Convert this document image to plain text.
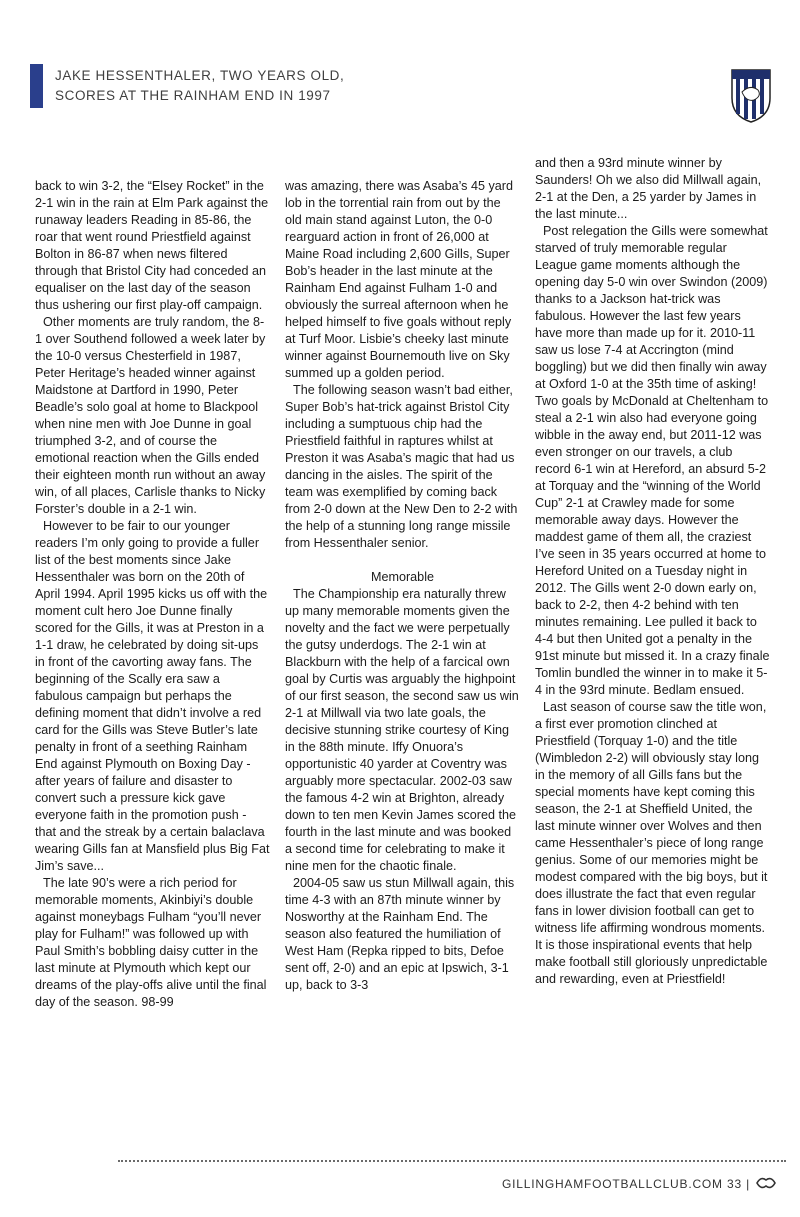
JAKE HESSENTHALER, TWO YEARS OLD,
SCORES AT THE RAINHAM END IN 1997

back to win 3-2, the “Elsey Rocket” in the 2-1 win in the rain at Elm Park against the runaway leaders Reading in 85-86, the roar that went round Priestfield against Bolton in 86-87 when news filtered through that Bristol City had conceded an equaliser on the last day of the season thus ushering our first play-off campaign.

Other moments are truly random, the 8-1 over Southend followed a week later by the 10-0 versus Chesterfield in 1987, Peter Heritage’s headed winner against Maidstone at Dartford in 1990, Peter Beadle’s solo goal at home to Blackpool when nine men with Joe Dunne in goal triumphed 3-2, and of course the emotional reaction when the Gills ended their eighteen month run without an away win, of all places, Carlisle thanks to Nicky Forster’s double in a 2-1 win.

However to be fair to our younger readers I’m only going to provide a fuller list of the best moments since Jake Hessenthaler was born on the 20th of April 1994. April 1995 kicks us off with the moment cult hero Joe Dunne finally scored for the Gills, it was at Preston in a 1-1 draw, he celebrated by doing sit-ups in front of the cavorting away fans. The beginning of the Scally era saw a fabulous campaign but perhaps the defining moment that didn’t involve a red card for the Gills was Steve Butler’s late penalty in front of a seething Rainham End against Plymouth on Boxing Day - after years of failure and disaster to convert such a pressure kick gave everyone faith in the promotion push - that and the streak by a certain balaclava wearing Gills fan at Mansfield plus Big Fat Jim’s save...

The late 90’s were a rich period for memorable moments, Akinbiyi’s double against moneybags Fulham “you’ll never play for Fulham!” was followed up with Paul Smith’s bobbling daisy cutter in the last minute at Plymouth which kept our dreams of the play-offs alive until the final day of the season. 98-99

was amazing, there was Asaba’s 45 yard lob in the torrential rain from out by the old main stand against Luton, the 0-0 rearguard action in front of 26,000 at Maine Road including 2,600 Gills, Super Bob’s header in the last minute at the Rainham End against Fulham 1-0 and obviously the surreal afternoon when he helped himself to five goals without reply at Turf Moor. Lisbie’s cheeky last minute winner against Bournemouth live on Sky summed up a golden period.

The following season wasn’t bad either, Super Bob’s hat-trick against Bristol City including a sumptuous chip had the Priestfield faithful in raptures whilst at Preston it was Asaba’s magic that had us dancing in the aisles. The spirit of the team was exemplified by coming back from 2-0 down at the New Den to 2-2 with the help of a stunning long range missile from Hessenthaler senior.

Memorable

The Championship era naturally threw up many memorable moments given the novelty and the fact we were perpetually the gutsy underdogs. The 2-1 win at Blackburn with the help of a farcical own goal by Curtis was arguably the highpoint of our first season, the second saw us win 2-1 at Millwall via two late goals, the decisive stunning strike courtesy of King in the 88th minute. Iffy Onuora’s opportunistic 40 yarder at Coventry was arguably more spectacular. 2002-03 saw the famous 4-2 win at Brighton, already down to ten men Kevin James scored the fourth in the last minute and was booked a second time for celebrating to make it nine men for the chaotic finale.

2004-05 saw us stun Millwall again, this time 4-3 with an 87th minute winner by Nosworthy at the Rainham End. The season also featured the humiliation of West Ham (Repka ripped to bits, Defoe sent off, 2-0) and an epic at Ipswich, 3-1 up, back to 3-3

and then a 93rd minute winner by Saunders! Oh we also did Millwall again, 2-1 at the Den, a 25 yarder by James in the last minute...

Post relegation the Gills were somewhat starved of truly memorable regular League game moments although the opening day 5-0 win over Swindon (2009) thanks to a Jackson hat-trick was fabulous. However the last few years have more than made up for it. 2010-11 saw us lose 7-4 at Accrington (mind boggling) but we did then finally win away at Oxford 1-0 at the 35th time of asking! Two goals by McDonald at Cheltenham to steal a 2-1 win also had everyone going wibble in the away end, but 2011-12 was even stronger on our travels, a club record 6-1 win at Hereford, an absurd 5-2 at Torquay and the “winning of the World Cup” 2-1 at Crawley made for some memorable away days. However the maddest game of them all, the craziest I’ve seen in 35 years occurred at home to Hereford United on a Tuesday night in 2012. The Gills went 2-0 down early on, back to 2-2, then 4-2 behind with ten minutes remaining. Lee pulled it back to 4-4 but then United got a penalty in the 91st minute but missed it. In a crazy finale Tomlin bundled the winner in to make it 5-4 in the 93rd minute. Bedlam ensued.

Last season of course saw the title won, a first ever promotion clinched at Priestfield (Torquay 1-0) and the title (Wimbledon 2-2) will obviously stay long in the memory of all Gills fans but the special moments have kept coming this season, the 2-1 at Sheffield United, the last minute winner over Wolves and then came Hessenthaler’s piece of long range genius. Some of our memories might be modest compared with the big boys, but it does illustrate the fact that even regular fans in lower division football can get to witness life affirming wondrous moments. It is those inspirational events that help make football still gloriously unpredictable and rewarding, even at Priestfield!

GILLINGHAMFOOTBALLCLUB.COM 33 |
